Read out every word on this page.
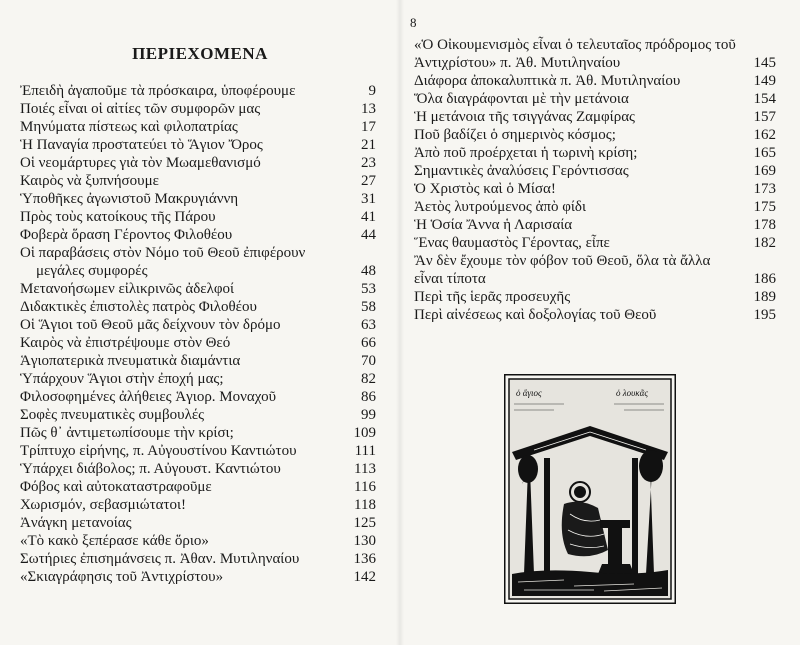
ΠΕΡΙΕΧΟΜΕΝΑ
Ἐπειδὴ ἀγαποῦμε τὰ πρόσκαιρα, ὑποφέρουμε	9
Ποιές εἶναι οἱ αἰτίες τῶν συμφορῶν μας	13
Μηνύματα πίστεως καὶ φιλοπατρίας	17
Ἡ Παναγία προστατεύει τὸ Ἅγιον Ὄρος	21
Οἱ νεομάρτυρες γιὰ τὸν Μωαμεθανισμό	23
Καιρὸς νὰ ξυπνήσουμε	27
Ὑποθῆκες ἀγωνιστοῦ Μακρυγιάννη	31
Πρὸς τοὺς κατοίκους τῆς Πάρου	41
Φοβερὰ ὅραση Γέροντος Φιλοθέου	44
Οἱ παραβάσεις στὸν Νόμο τοῦ Θεοῦ ἐπιφέρουν μεγάλες συμφορές	48
Μετανοήσωμεν εἰλικρινῶς ἀδελφοί	53
Διδακτικὲς ἐπιστολὲς πατρὸς Φιλοθέου	58
Οἱ Ἅγιοι τοῦ Θεοῦ μᾶς δείχνουν τὸν δρόμο	63
Καιρὸς νὰ ἐπιστρέψουμε στὸν Θεό	66
Ἁγιοπατερικὰ πνευματικὰ διαμάντια	70
Ὑπάρχουν Ἅγιοι στὴν ἐποχή μας;	82
Φιλοσοφημένες ἀλήθειες Ἁγιορ. Μοναχοῦ	86
Σοφὲς πνευματικὲς συμβουλές	99
Πῶς θ᾽ ἀντιμετωπίσουμε τὴν κρίσι;	109
Τρίπτυχο εἰρήνης, π. Αὐγουστίνου Καντιώτου	111
Ὑπάρχει διάβολος; π. Αὐγουστ. Καντιώτου	113
Φόβος καὶ αὐτοκαταστραφοῦμε	116
Χωρισμόν, σεβασμιώτατοι!	118
Ἀνάγκη μετανοίας	125
«Τὸ κακὸ ξεπέρασε κάθε ὅριο»	130
Σωτήριες ἐπισημάνσεις π. Ἀθαν. Μυτιληναίου	136
«Σκιαγράφησις τοῦ Ἀντιχρίστου»	142
8
«Ὁ Οἰκουμενισμὸς εἶναι ὁ τελευταῖος πρόδρομος τοῦ Ἀντιχρίστου» π. Ἀθ. Μυτιληναίου	145
Διάφορα ἀποκαλυπτικὰ π. Ἀθ. Μυτιληναίου	149
Ὅλα διαγράφονται μὲ τὴν μετάνοια	154
Ἡ μετάνοια τῆς τσιγγάνας Ζαμφίρας	157
Ποῦ βαδίζει ὁ σημερινὸς κόσμος;	162
Ἀπὸ ποῦ προέρχεται ἡ τωρινὴ κρίση;	165
Σημαντικὲς ἀναλύσεις Γερόντισσας	169
Ὁ Χριστὸς καὶ ὁ Μίσα!	173
Ἀετὸς λυτρούμενος ἀπὸ φίδι	175
Ἡ Ὁσία Ἄννα ἡ Λαρισαία	178
Ἕνας θαυμαστὸς Γέροντας, εἶπε	182
Ἂν δὲν ἔχουμε τὸν φόβον τοῦ Θεοῦ, ὅλα τὰ ἄλλα εἶναι τίποτα	186
Περὶ τῆς ἱερᾶς προσευχῆς	189
Περὶ αἰνέσεως καὶ δοξολογίας τοῦ Θεοῦ	195
ὁ ἅγιος	ὁ λουκᾶς
